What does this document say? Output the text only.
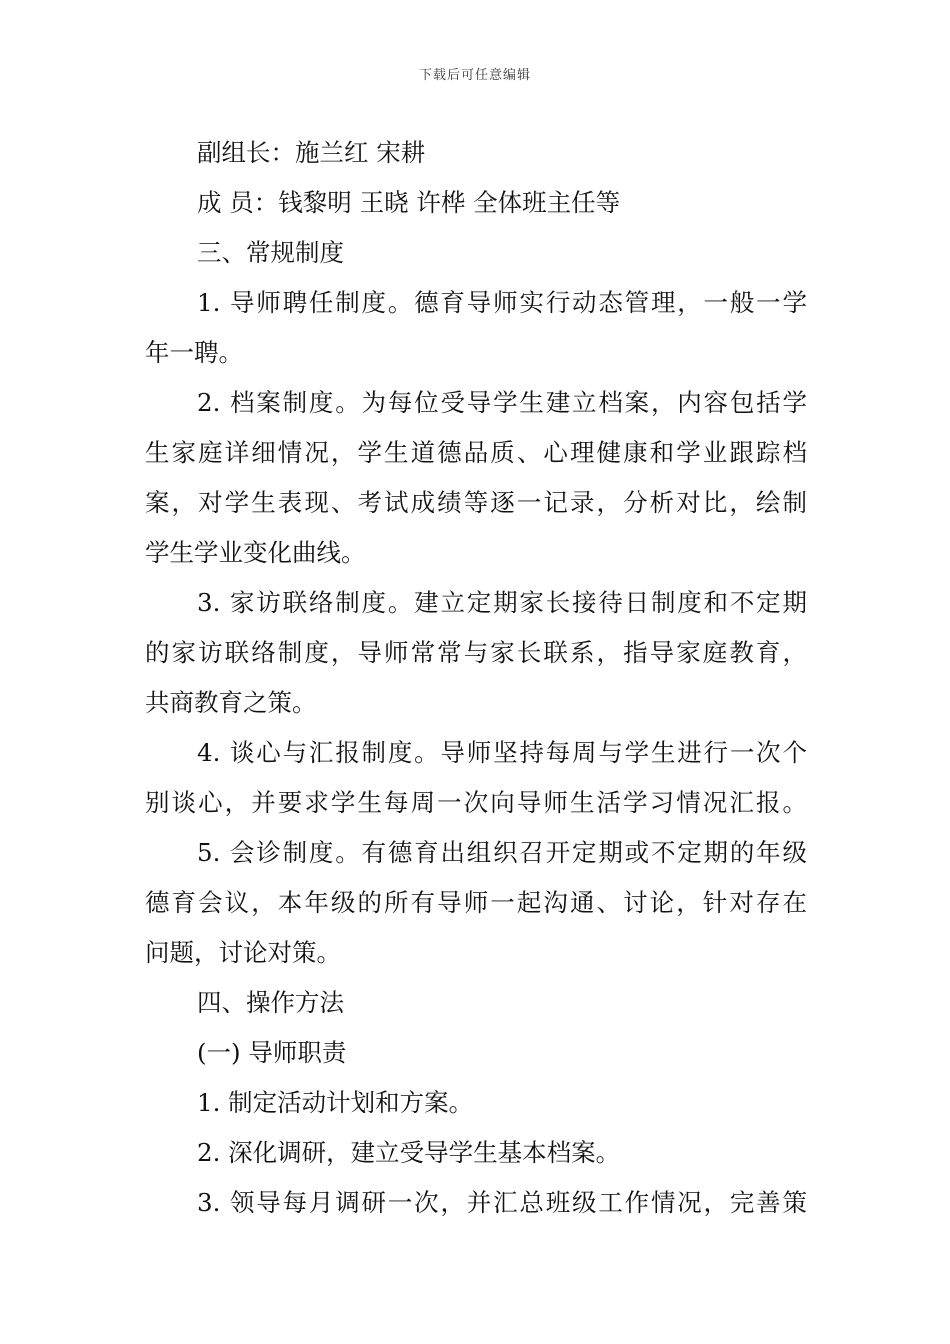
下载后可任意编辑
副组长：施兰红 宋耕
成 员：钱黎明 王晓 许桦 全体班主任等
三、常规制度
1. 导师聘任制度。德育导师实行动态管理，一般一学
年一聘。
2. 档案制度。为每位受导学生建立档案，内容包括学
生家庭详细情况，学生道德品质、心理健康和学业跟踪档
案，对学生表现、考试成绩等逐一记录，分析对比，绘制
学生学业变化曲线。
3. 家访联络制度。建立定期家长接待日制度和不定期
的家访联络制度，导师常常与家长联系，指导家庭教育，
共商教育之策。
4. 谈心与汇报制度。导师坚持每周与学生进行一次个
别谈心，并要求学生每周一次向导师生活学习情况汇报。
5. 会诊制度。有德育出组织召开定期或不定期的年级
德育会议，本年级的所有导师一起沟通、讨论，针对存在
问题，讨论对策。
四、操作方法
(一) 导师职责
1. 制定活动计划和方案。
2. 深化调研，建立受导学生基本档案。
3. 领导每月调研一次，并汇总班级工作情况，完善策
